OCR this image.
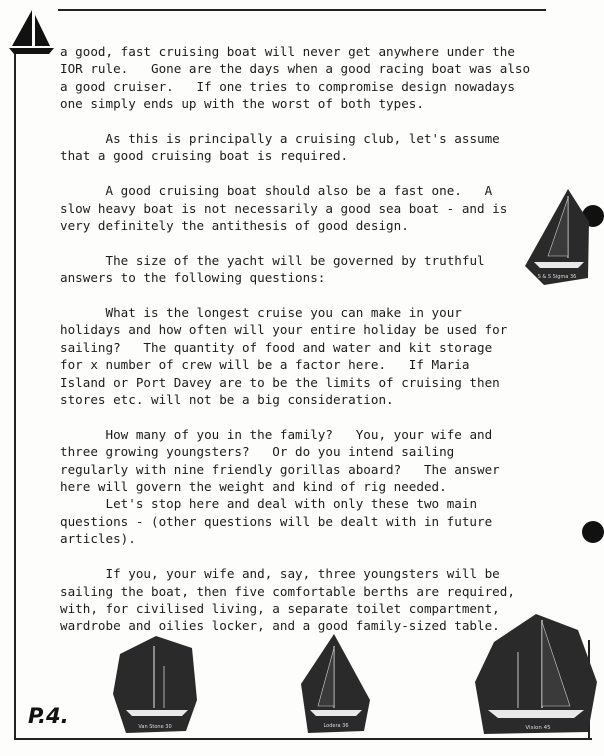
a good, fast cruising boat will never get anywhere under the
IOR rule.   Gone are the days when a good racing boat was also
a good cruiser.   If one tries to compromise design nowadays
one simply ends up with the worst of both types.

As this is principally a cruising club, let's assume
that a good cruising boat is required.

A good cruising boat should also be a fast one.   A
slow heavy boat is not necessarily a good sea boat - and is
very definitely the antithesis of good design.

The size of the yacht will be governed by truthful
answers to the following questions:

What is the longest cruise you can make in your
holidays and how often will your entire holiday be used for
sailing?   The quantity of food and water and kit storage
for x number of crew will be a factor here.   If Maria
Island or Port Davey are to be the limits of cruising then
stores etc. will not be a big consideration.

How many of you in the family?   You, your wife and
three growing youngsters?   Or do you intend sailing
regularly with nine friendly gorillas aboard?   The answer
here will govern the weight and kind of rig needed.

Let's stop here and deal with only these two main
questions - (other questions will be dealt with in future
articles).

If you, your wife and, say, three youngsters will be
sailing the boat, then five comfortable berths are required,
with, for civilised living, a separate toilet compartment,
wardrobe and oilies locker, and a good family-sized table.

S & S Sigma 36
Van Stone 30	Lodera 36	Vision 45
P.4.
